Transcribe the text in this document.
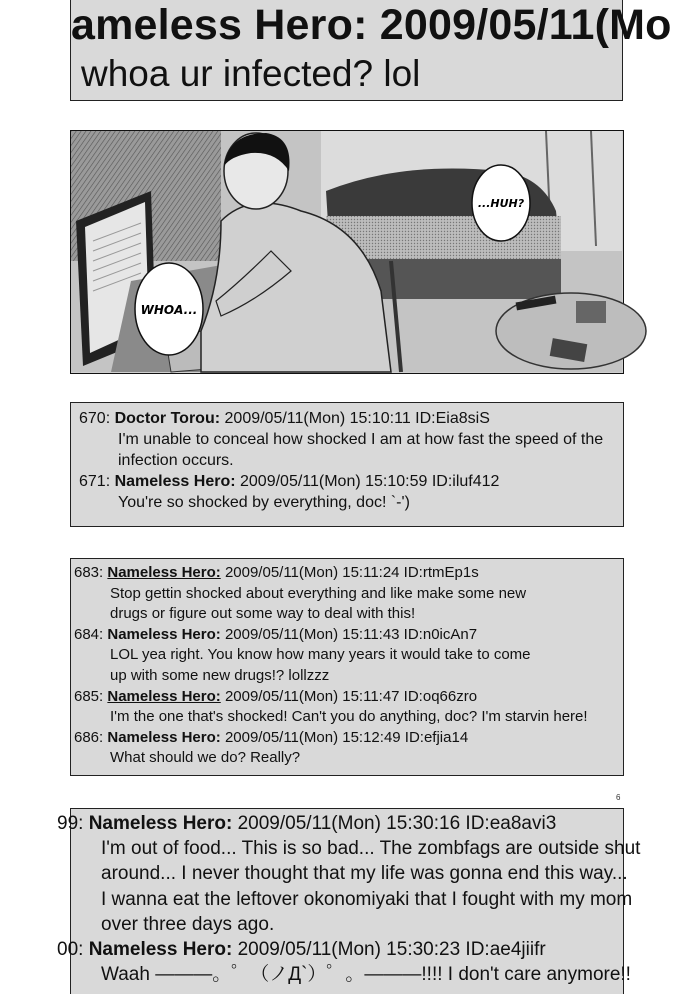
ameless Hero: 2009/05/11(Mo
whoa ur infected? lol
WHOA...
...HUH?
670: Doctor Torou: 2009/05/11(Mon) 15:10:11 ID:Eia8siS
I'm unable to conceal how shocked I am at how fast the speed of the
infection occurs.
671: Nameless Hero: 2009/05/11(Mon) 15:10:59 ID:iluf412
You're so shocked by everything, doc! `-')
683: Nameless Hero: 2009/05/11(Mon) 15:11:24 ID:rtmEp1s
Stop gettin shocked about everything and like make some new
drugs or figure out some way to deal with this!
684: Nameless Hero: 2009/05/11(Mon) 15:11:43 ID:n0icAn7
LOL yea right. You know how many years it would take to come
up with some new drugs!? lollzzz
685: Nameless Hero: 2009/05/11(Mon) 15:11:47 ID:oq66zro
I'm the one that's shocked! Can't you do anything, doc? I'm starvin here!
686: Nameless Hero: 2009/05/11(Mon) 15:12:49 ID:efjia14
What should we do? Really?
6
99: Nameless Hero: 2009/05/11(Mon) 15:30:16 ID:ea8avi3
I'm out of food... This is so bad... The zombfags are outside shut
around... I never thought that my life was gonna end this way...
I wanna eat the leftover okonomiyaki that I fought with my mom
over three days ago.
00: Nameless Hero: 2009/05/11(Mon) 15:30:23 ID:ae4jiifr
Waah ―――。゜（ノД`）゜。―――!!!! I don't care anymore!!
